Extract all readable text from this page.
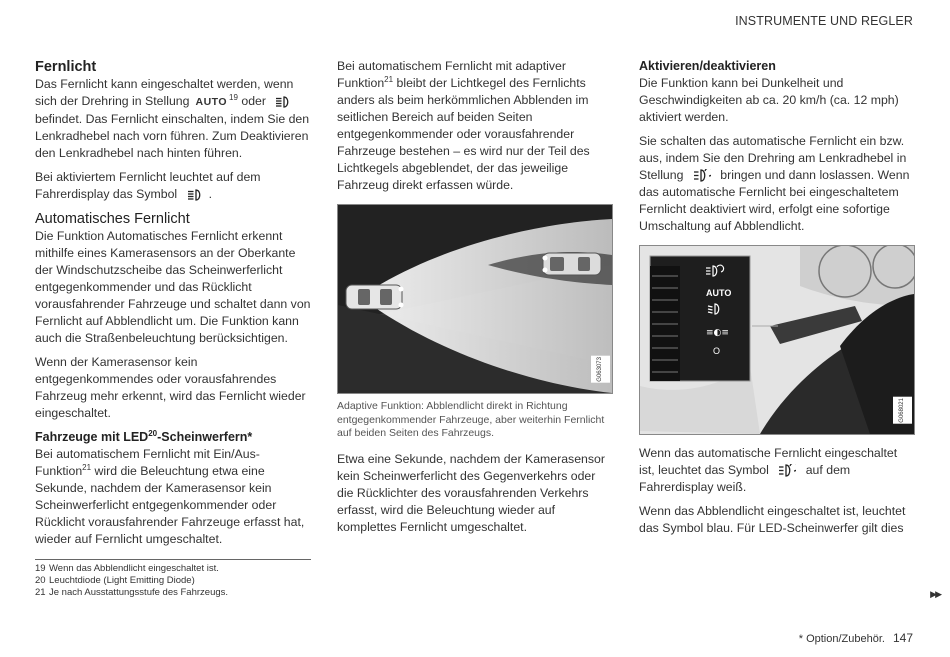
INSTRUMENTE UND REGLER
Fernlicht

Das Fernlicht kann eingeschaltet werden, wenn
sich der Drehring in Stellung AUTO $^{19}$ oder
befindet. Das Fernlicht einschalten, indem Sie den Lenkradhebel nach vorn führen. Zum Deaktivieren den Lenkradhebel nach hinten führen.

Bei aktiviertem Fernlicht leuchtet auf dem
Fahrerdisplay das Symbol	.

Automatisches Fernlicht

Die Funktion Automatisches Fernlicht erkennt mithilfe eines Kamerasensors an der Oberkante der Windschutzscheibe das Scheinwerferlicht entgegenkommender und das Rücklicht vorausfahrender Fahrzeuge und schaltet dann von Fernlicht auf Abblendlicht um. Die Funktion kann auch die Straßenbeleuchtung berücksichtigen.

Wenn der Kamerasensor kein entgegenkommendes oder vorausfahrendes Fahrzeug mehr erkennt, wird das Fernlicht wieder eingeschaltet.

Fahrzeuge mit LED$^{20}$-Scheinwerfern*

Bei automatischem Fernlicht mit Ein/Aus-Funktion$^{21}$ wird die Beleuchtung etwa eine Sekunde, nachdem der Kamerasensor kein Scheinwerferlicht entgegenkommender oder Rücklicht vorausfahrender Fahrzeuge erfasst hat, wieder auf Fernlicht umgeschaltet.

Bei automatischem Fernlicht mit adaptiver Funktion$^{21}$ bleibt der Lichtkegel des Fernlichts anders als beim herkömmlichen Abblenden im seitlichen Bereich auf beiden Seiten entgegenkommender oder vorausfahrender Fahrzeuge bestehen – es wird nur der Teil des Lichtkegels abgeblendet, der das jeweilige Fahrzeug direkt erfassen würde.

G063073
Adaptive Funktion: Abblendlicht direkt in Richtung entgegenkommender Fahrzeuge, aber weiterhin Fernlicht auf beiden Seiten des Fahrzeugs.

Etwa eine Sekunde, nachdem der Kamerasensor kein Scheinwerferlicht des Gegenverkehrs oder die Rücklichter des vorausfahrenden Verkehrs erfasst, wird die Beleuchtung wieder auf komplettes Fernlicht umgeschaltet.

Aktivieren/deaktivieren

Die Funktion kann bei Dunkelheit und Geschwindigkeiten ab ca. 20 km/h (ca. 12 mph) aktiviert werden.

Sie schalten das automatische Fernlicht ein bzw. aus, indem Sie den Drehring am Lenkradhebel in
Stellung	bringen und dann loslassen. Wenn das automatische Fernlicht bei eingeschaltetem Fernlicht deaktiviert wird, erfolgt eine sofortige Umschaltung auf Abblendlicht.

AUTO
≡◐≡
O
G068021

Wenn das automatische Fernlicht eingeschaltet
ist, leuchtet das Symbol	auf dem Fahrerdisplay weiß.

Wenn das Abblendlicht eingeschaltet ist, leuchtet das Symbol blau. Für LED-Scheinwerfer gilt dies

19 Wenn das Abblendlicht eingeschaltet ist.
20 Leuchtdiode (Light Emitting Diode)
21 Je nach Ausstattungsstufe des Fahrzeugs.	▶▶
* Option/Zubehör. 147
